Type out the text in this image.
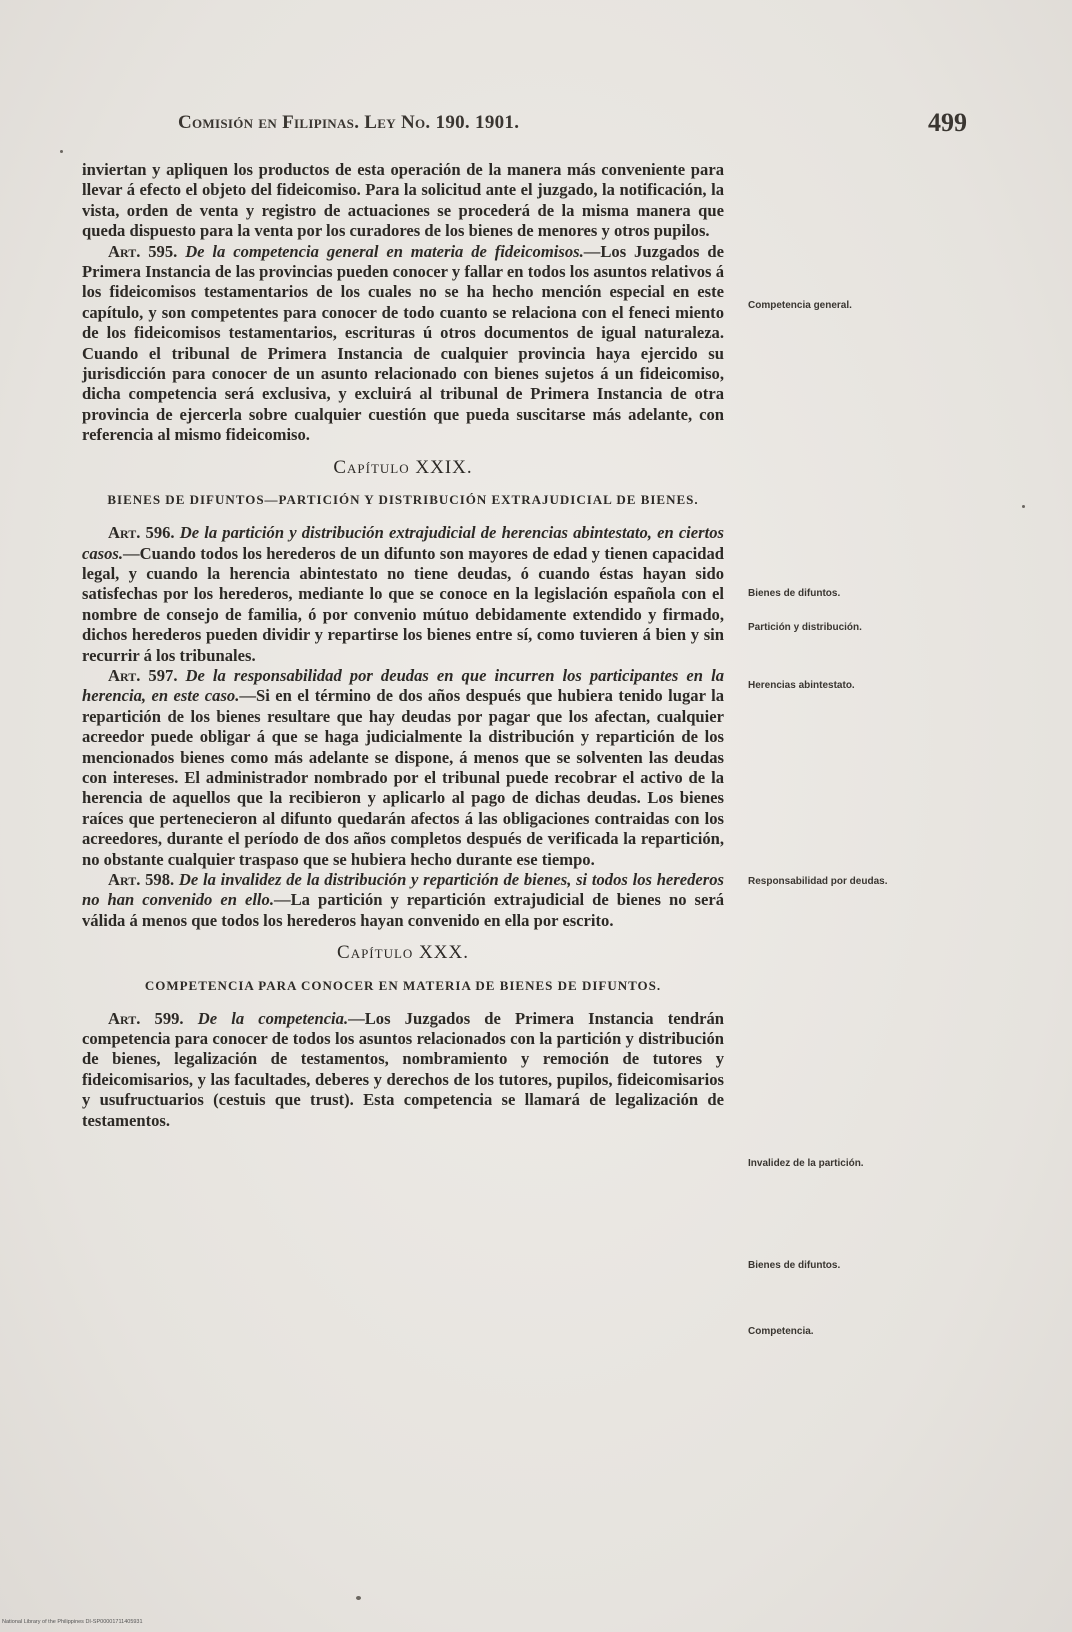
Comisión en Filipinas. Ley No. 190. 1901.	499

inviertan y apliquen los productos de esta operación de la manera más conveniente para llevar á efecto el objeto del fideicomiso. Para la solicitud ante el juzgado, la notificación, la vista, orden de venta y registro de actuaciones se procederá de la misma manera que queda dispuesto para la venta por los curadores de los bienes de menores y otros pupilos.

Art. 595. De la competencia general en materia de fideicomisos.—Los Juzgados de Primera Instancia de las provincias pueden conocer y fallar en todos los asuntos relativos á los fideicomisos testamentarios de los cuales no se ha hecho mención especial en este capítulo, y son competentes para conocer de todo cuanto se relaciona con el feneci miento de los fideicomisos testamentarios, escrituras ú otros documentos de igual naturaleza. Cuando el tribunal de Primera Instancia de cualquier provincia haya ejercido su jurisdicción para conocer de un asunto relacionado con bienes sujetos á un fideicomiso, dicha competencia será exclusiva, y excluirá al tribunal de Primera Instancia de otra provincia de ejercerla sobre cualquier cuestión que pueda suscitarse más adelante, con referencia al mismo fideicomiso.

Capítulo XXIX.
BIENES DE DIFUNTOS—PARTICIÓN Y DISTRIBUCIÓN EXTRAJUDICIAL DE BIENES.

Art. 596. De la partición y distribución extrajudicial de herencias abintestato, en ciertos casos.—Cuando todos los herederos de un difunto son mayores de edad y tienen capacidad legal, y cuando la herencia abintestato no tiene deudas, ó cuando éstas hayan sido satisfechas por los herederos, mediante lo que se conoce en la legislación española con el nombre de consejo de familia, ó por convenio mútuo debidamente extendido y firmado, dichos herederos pueden dividir y repartirse los bienes entre sí, como tuvieren á bien y sin recurrir á los tribunales.

Art. 597. De la responsabilidad por deudas en que incurren los participantes en la herencia, en este caso.—Si en el término de dos años después que hubiera tenido lugar la repartición de los bienes resultare que hay deudas por pagar que los afectan, cualquier acreedor puede obligar á que se haga judicialmente la distribución y repartición de los mencionados bienes como más adelante se dispone, á menos que se solventen las deudas con intereses. El administrador nombrado por el tribunal puede recobrar el activo de la herencia de aquellos que la recibieron y aplicarlo al pago de dichas deudas. Los bienes raíces que pertenecieron al difunto quedarán afectos á las obligaciones contraidas con los acreedores, durante el período de dos años completos después de verificada la repartición, no obstante cualquier traspaso que se hubiera hecho durante ese tiempo.

Art. 598. De la invalidez de la distribución y repartición de bienes, si todos los herederos no han convenido en ello.—La partición y repartición extrajudicial de bienes no será válida á menos que todos los herederos hayan convenido en ella por escrito.

Capítulo XXX.
COMPETENCIA PARA CONOCER EN MATERIA DE BIENES DE DIFUNTOS.

Art. 599. De la competencia.—Los Juzgados de Primera Instancia tendrán competencia para conocer de todos los asuntos relacionados con la partición y distribución de bienes, legalización de testamentos, nombramiento y remoción de tutores y fideicomisarios, y las facultades, deberes y derechos de los tutores, pupilos, fideicomisarios y usufructuarios (cestuis que trust). Esta competencia se llamará de legalización de testamentos.

Competencia general.
Bienes de difuntos.
Partición y distribución.
Herencias abintestato.
Responsabilidad por deudas.
Invalidez de la partición.
Bienes de difuntos.
Competencia.
National Library of the Philippines DI-SP00001711405931
